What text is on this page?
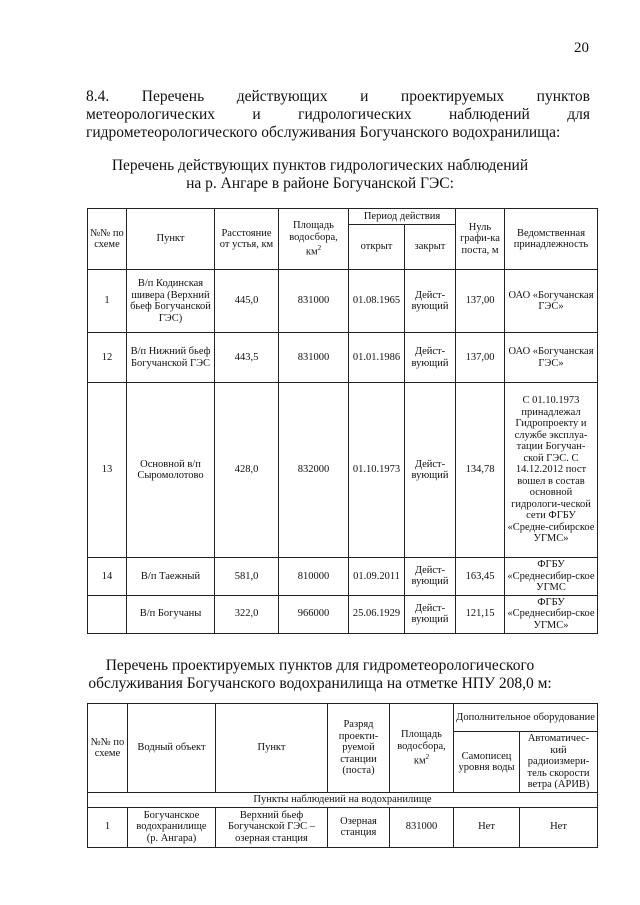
20
8.4. Перечень действующих и проектируемых пунктов
метеорологических и гидрологических наблюдений для
гидрометеорологического обслуживания Богучанского водохранилища:
Перечень действующих пунктов гидрологических наблюдений
на р. Ангаре в районе Богучанской ГЭС:
№№ по схеме	Пункт	Расстояние от устья, км	Площадь водосбора, $км^2$	Период действия		Нуль графи-ка поста, м	Ведомственная принадлежность
				открыт	закрыт		
1	В/п Кодинская шивера (Верхний бьеф Богучанской ГЭС)	445,0	831000	01.08.1965	Дейст-вующий	137,00	ОАО «Богучанская ГЭС»
12	В/п Нижний бьеф Богучанской ГЭС	443,5	831000	01.01.1986	Дейст-вующий	137,00	ОАО «Богучанская ГЭС»
13	Основной в/п Сыромолотово	428,0	832000	01.10.1973	Дейст-вующий	134,78	С 01.10.1973 принадлежал Гидропроекту и службе эксплуа-тации Богучан-ской ГЭС. С 14.12.2012 пост вошел в состав основной гидрологи-ческой сети ФГБУ «Средне-сибирское УГМС»
14	В/п Таежный	581,0	810000	01.09.2011	Дейст-вующий	163,45	ФГБУ «Среднесибир-ское УГМС
	В/п Богучаны	322,0	966000	25.06.1929	Дейст-вующий	121,15	ФГБУ «Среднесибир-ское УГМС»
Перечень проектируемых пунктов для гидрометеорологического
обслуживания Богучанского водохранилища на отметке НПУ 208,0 м:
№№ по схеме	Водный объект	Пункт	Разряд проекти-руемой станции (поста)	Площадь водосбора, $км^2$	Дополнительное оборудование	
					Самописец уровня воды	Автоматичес-кий радиоизмери-тель скорости ветра (АРИВ)
Пункты наблюдений на водохранилище						
1	Богучанское водохранилище (р. Ангара)	Верхний бьеф Богучанской ГЭС – озерная станция	Озерная станция	831000	Нет	Нет
